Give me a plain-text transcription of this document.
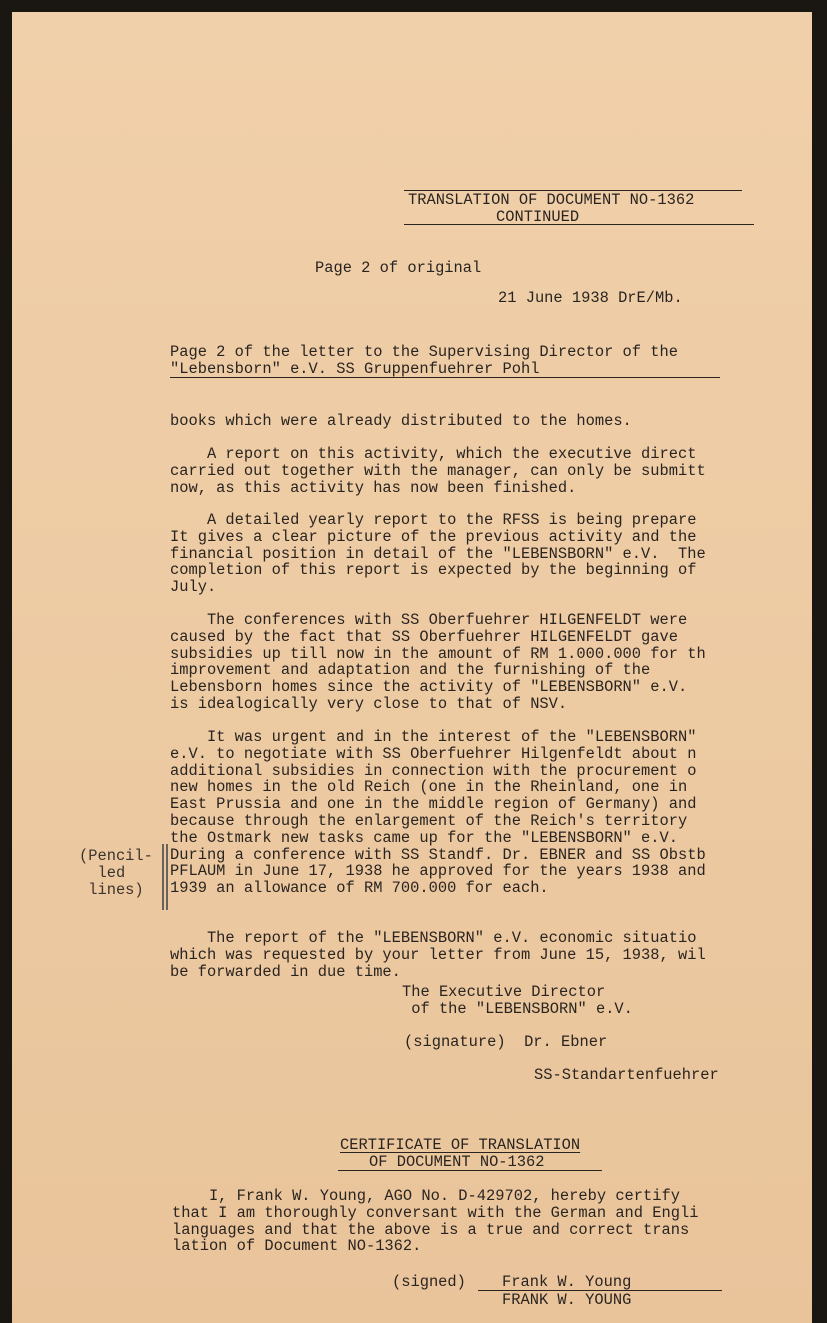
TRANSLATION OF DOCUMENT NO-1362
CONTINUED
Page 2 of original
21 June 1938 DrE/Mb.
Page 2 of the letter to the Supervising Director of the
"Lebensborn" e.V. SS Gruppenfuehrer Pohl

books which were already distributed to the homes.

A report on this activity, which the executive direct

carried out together with the manager, can only be submitt

now, as this activity has now been finished.

A detailed yearly report to the RFSS is being prepare

It gives a clear picture of the previous activity and the

financial position in detail of the "LEBENSBORN" e.V.  The

completion of this report is expected by the beginning of

July.

The conferences with SS Oberfuehrer HILGENFELDT were

caused by the fact that SS Oberfuehrer HILGENFELDT gave

subsidies up till now in the amount of RM 1.000.000 for th

improvement and adaptation and the furnishing of the

Lebensborn homes since the activity of "LEBENSBORN" e.V.

is idealogically very close to that of NSV.

It was urgent and in the interest of the "LEBENSBORN"

e.V. to negotiate with SS Oberfuehrer Hilgenfeldt about n

additional subsidies in connection with the procurement o

new homes in the old Reich (one in the Rheinland, one in

East Prussia and one in the middle region of Germany) and

because through the enlargement of the Reich's territory

the Ostmark new tasks came up for the "LEBENSBORN" e.V.

During a conference with SS Standf. Dr. EBNER and SS Obstb

PFLAUM in June 17, 1938 he approved for the years 1938 and

1939 an allowance of RM 700.000 for each.

(Pencil-

led

lines)

The report of the "LEBENSBORN" e.V. economic situatio

which was requested by your letter from June 15, 1938, wil

be forwarded in due time.

The Executive Director
of the "LEBENSBORN" e.V.
(signature)  Dr. Ebner
SS-Standartenfuehrer
CERTIFICATE OF TRANSLATION
OF DOCUMENT NO-1362

I, Frank W. Young, AGO No. D-429702, hereby certify

that I am thoroughly conversant with the German and Engli

languages and that the above is a true and correct trans

lation of Document NO-1362.

(signed) Frank W. Young
FRANK W. YOUNG
